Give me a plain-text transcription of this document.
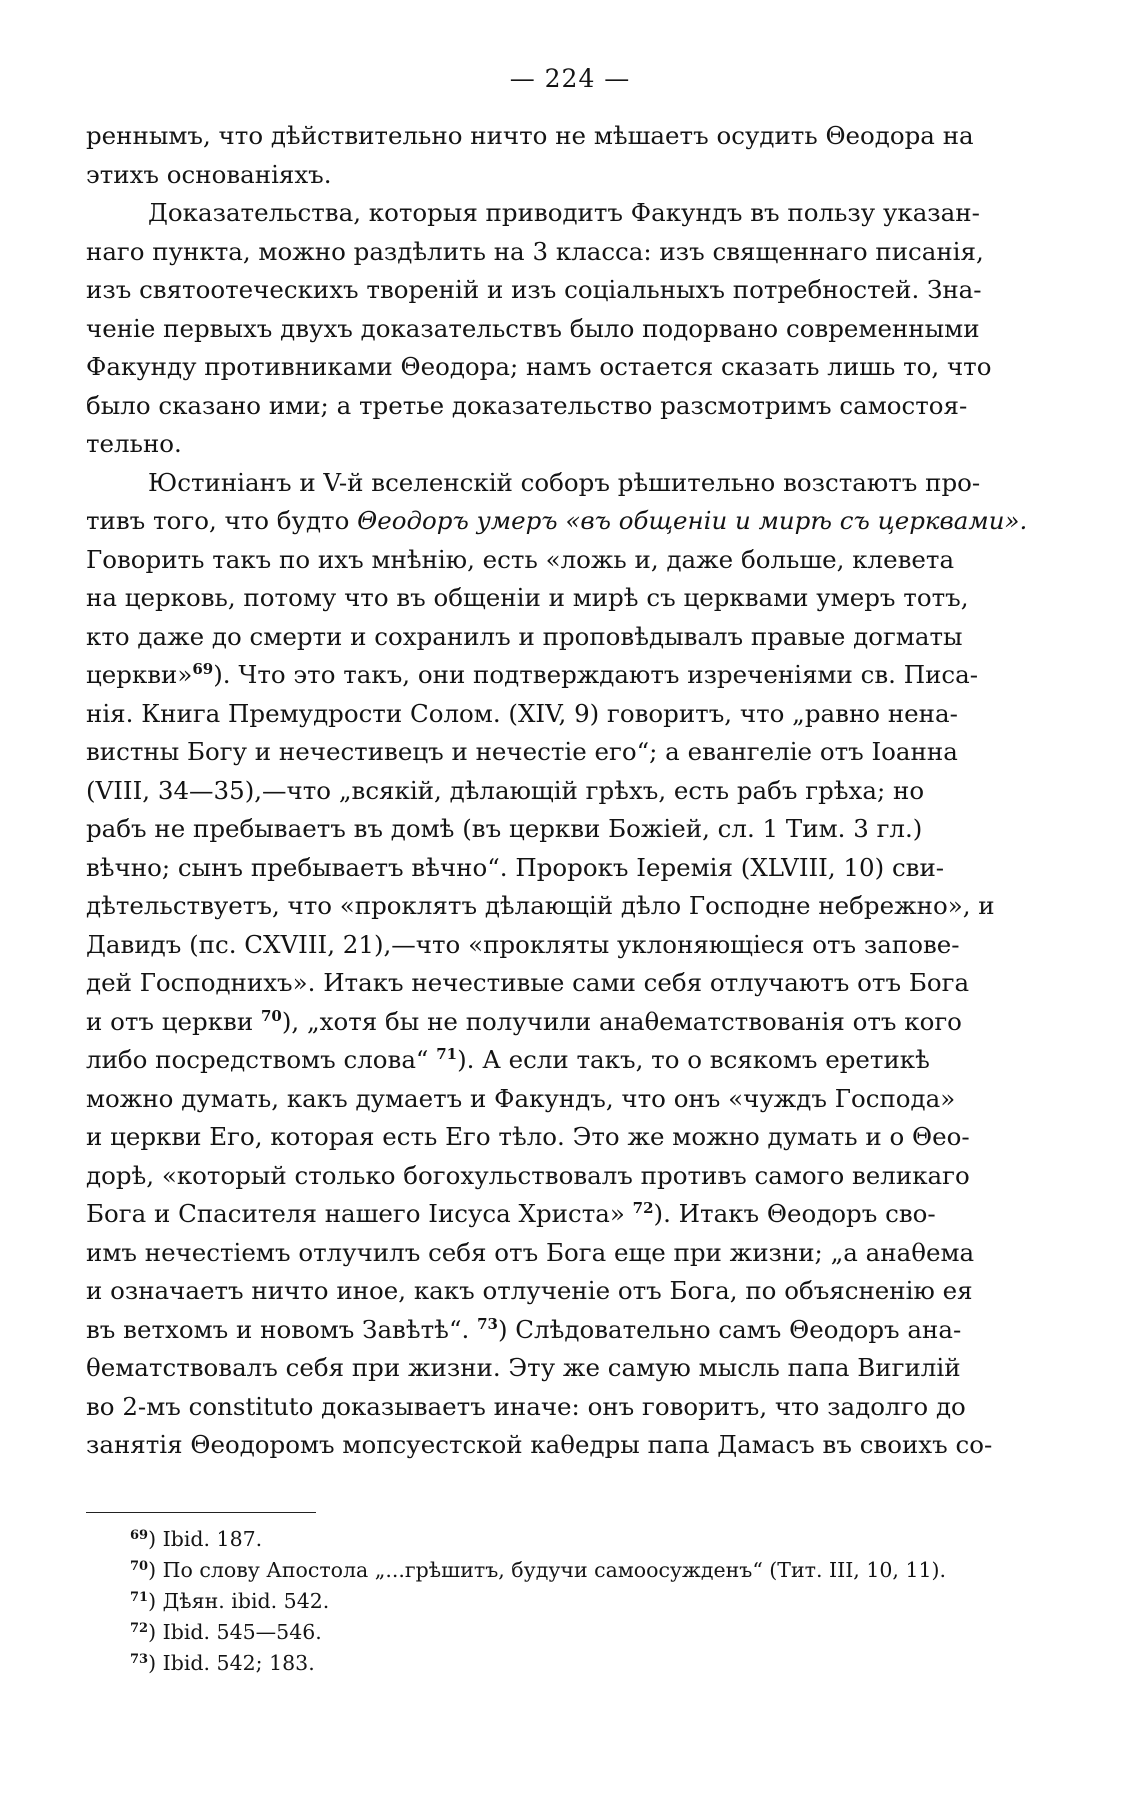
— 224 —
реннымъ, что дѣйствительно ничто не мѣшаетъ осудить Θеодора на
этихъ основаніяхъ.
Доказательства, которыя приводитъ Факундъ въ пользу указан-
наго пункта, можно раздѣлить на 3 класса: изъ священнаго писанія,
изъ святоотеческихъ твореній и изъ соціальныхъ потребностей. Зна-
ченіе первыхъ двухъ доказательствъ было подорвано современными
Факунду противниками Θеодора; намъ остается сказать лишь то, что
было сказано ими; а третье доказательство разсмотримъ самостоя-
тельно.
Юстиніанъ и V-й вселенскій соборъ рѣшительно возстаютъ про-
тивъ того, что будто Θеодоръ умеръ «въ общеніи и мирѣ съ церквами».
Говорить такъ по ихъ мнѣнію, есть «ложь и, даже больше, клевета
на церковь, потому что въ общеніи и мирѣ съ церквами умеръ тотъ,
кто даже до смерти и сохранилъ и проповѣдывалъ правые догматы
церкви»$^{69}$). Что это такъ, они подтверждаютъ изреченіями св. Писа-
нія. Книга Премудрости Солом. (XIV, 9) говоритъ, что „равно нена-
вистны Богу и нечестивецъ и нечестіе его“; а евангеліе отъ Іоанна
(VIII, 34—35),—что „всякій, дѣлающій грѣхъ, есть рабъ грѣха; но
рабъ не пребываетъ въ домѣ (въ церкви Божіей, сл. 1 Тим. 3 гл.)
вѣчно; сынъ пребываетъ вѣчно“. Пророкъ Іеремія (XLVIII, 10) сви-
дѣтельствуетъ, что «проклятъ дѣлающій дѣло Господне небрежно», и
Давидъ (пс. CXVIII, 21),—что «прокляты уклоняющіеся отъ запове-
дей Господнихъ». Итакъ нечестивые сами себя отлучаютъ отъ Бога
и отъ церкви $^{70}$), „хотя бы не получили анаθематствованія отъ кого
либо посредствомъ слова“ $^{71}$). А если такъ, то о всякомъ еретикѣ
можно думать, какъ думаетъ и Факундъ, что онъ «чуждъ Господа»
и церкви Его, которая есть Его тѣло. Это же можно думать и о Θео-
дорѣ, «который столько богохульствовалъ противъ самого великаго
Бога и Спасителя нашего Іисуса Христа» $^{72}$). Итакъ Θеодоръ сво-
имъ нечестіемъ отлучилъ себя отъ Бога еще при жизни; „а анаθема
и означаетъ ничто иное, какъ отлученіе отъ Бога, по объясненію ея
въ ветхомъ и новомъ Завѣтѣ“. $^{73}$) Слѣдовательно самъ Θеодоръ ана-
θематствовалъ себя при жизни. Эту же самую мысль папа Вигилій
во 2-мъ constituto доказываетъ иначе: онъ говоритъ, что задолго до
занятія Θеодоромъ мопсуестской каθедры папа Дамасъ въ своихъ со-
$^{69}$) Ibid. 187.
$^{70}$) По слову Апостола „...грѣшитъ, будучи самоосужденъ“ (Тит. III, 10, 11).
$^{71}$) Дѣян. ibid. 542.
$^{72}$) Ibid. 545—546.
$^{73}$) Ibid. 542; 183.
